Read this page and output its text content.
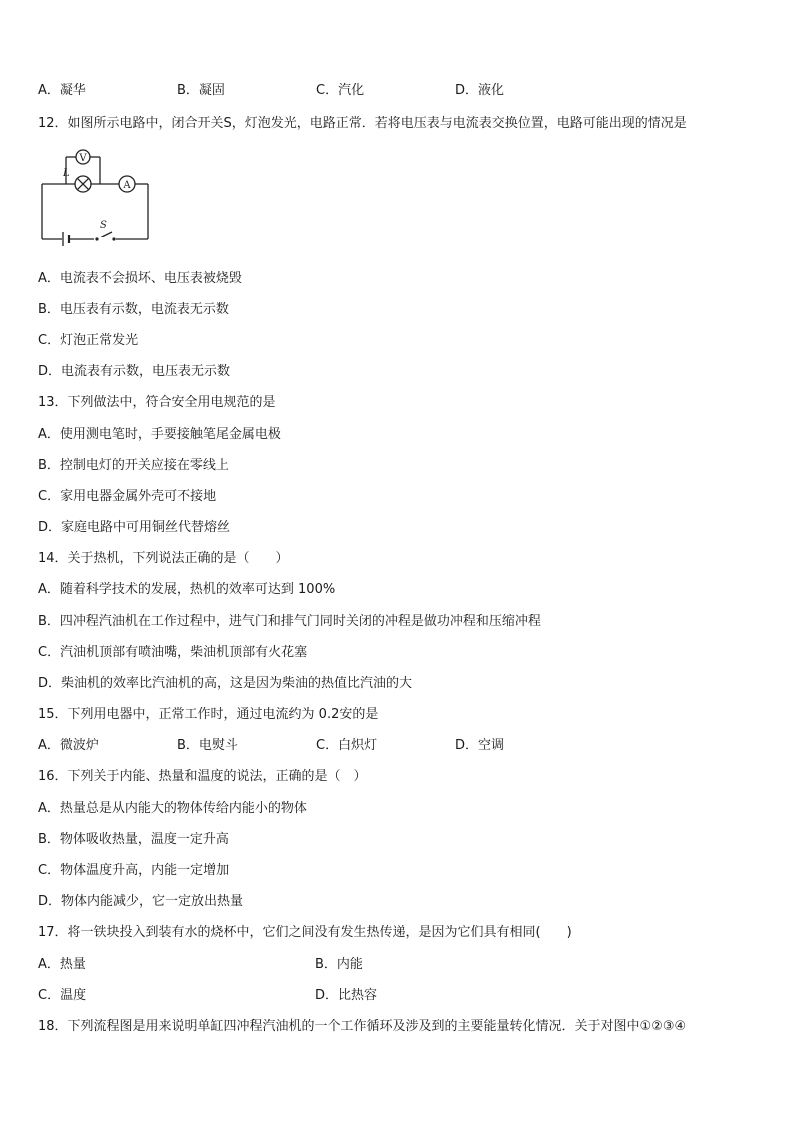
A．凝华	B．凝固	C．汽化	D．液化
12．如图所示电路中，闭合开关S，灯泡发光，电路正常．若将电压表与电流表交换位置，电路可能出现的情况是
V
A
L
S
A．电流表不会损坏、电压表被烧毁
B．电压表有示数，电流表无示数
C．灯泡正常发光
D．电流表有示数，电压表无示数
13．下列做法中，符合安全用电规范的是
A．使用测电笔时，手要接触笔尾金属电极
B．控制电灯的开关应接在零线上
C．家用电器金属外壳可不接地
D．家庭电路中可用铜丝代替熔丝
14．关于热机，下列说法正确的是（　　）
A．随着科学技术的发展，热机的效率可达到 100%
B．四冲程汽油机在工作过程中，进气门和排气门同时关闭的冲程是做功冲程和压缩冲程
C．汽油机顶部有喷油嘴，柴油机顶部有火花塞
D．柴油机的效率比汽油机的高，这是因为柴油的热值比汽油的大
15．下列用电器中，正常工作时，通过电流约为 0.2安的是
A．微波炉	B．电熨斗	C．白炽灯	D．空调
16．下列关于内能、热量和温度的说法，正确的是（　）
A．热量总是从内能大的物体传给内能小的物体
B．物体吸收热量，温度一定升高
C．物体温度升高，内能一定增加
D．物体内能减少，它一定放出热量
17．将一铁块投入到装有水的烧杯中，它们之间没有发生热传递，是因为它们具有相同(　　)
A．热量	B．内能
C．温度	D．比热容
18．下列流程图是用来说明单缸四冲程汽油机的一个工作循环及涉及到的主要能量转化情况．关于对图中①②③④
